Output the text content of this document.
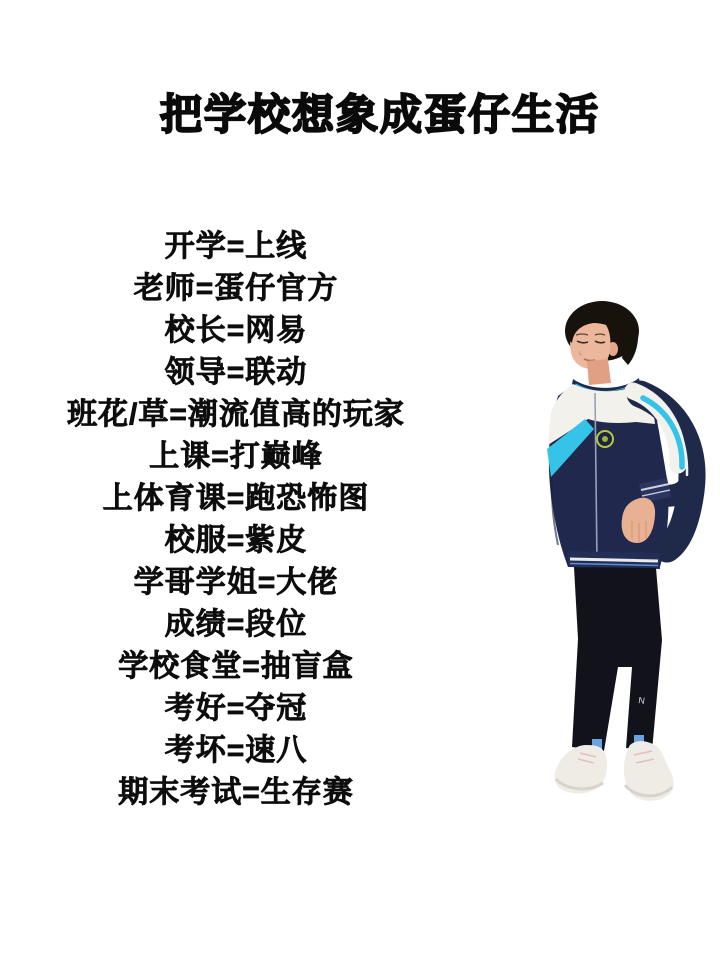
把学校想象成蛋仔生活
开学=上线
老师=蛋仔官方
校长=网易
领导=联动
班花/草=潮流值高的玩家
上课=打巅峰
上体育课=跑恐怖图
校服=紫皮
学哥学姐=大佬
成绩=段位
学校食堂=抽盲盒
考好=夺冠
考坏=速八
期末考试=生存赛
N
